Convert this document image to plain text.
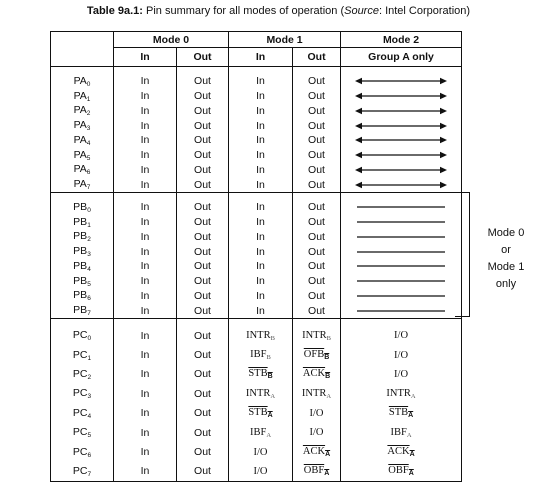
Table 9a.1: Pin summary for all modes of operation (Source: Intel Corporation)
	Mode 0		Mode 1		Mode 2
	In	Out	In	Out	Group A only

$PA_0$	In	Out	In	Out	

$PA_1$	In	Out	In	Out	

$PA_2$	In	Out	In	Out	

$PA_3$	In	Out	In	Out	

$PA_4$	In	Out	In	Out	

$PA_5$	In	Out	In	Out	

$PA_6$	In	Out	In	Out	

$PA_7$	In	Out	In	Out	

$PB_0$	In	Out	In	Out	

$PB_1$	In	Out	In	Out	

$PB_2$	In	Out	In	Out	

$PB_3$	In	Out	In	Out	

$PB_4$	In	Out	In	Out	

$PB_5$	In	Out	In	Out	

$PB_6$	In	Out	In	Out	

$PB_7$	In	Out	In	Out	

$PC_0$	In	Out	$INTR_B$	$INTR_B$	I/O
$PC_1$	In	Out	$IBF_B$	$\overline{OFB}_{\overline{B}}$	I/O
$PC_2$	In	Out	$\overline{STB}_{\overline{B}}$	$\overline{ACK}_{\overline{B}}$	I/O
$PC_3$	In	Out	$INTR_A$	$INTR_A$	$INTR_A$
$PC_4$	In	Out	$\overline{STB}_{\overline{A}}$	I/O	$\overline{STB}_{\overline{A}}$
$PC_5$	In	Out	$IBF_A$	I/O	$IBF_A$
$PC_6$	In	Out	I/O	$\overline{ACK}_{\overline{A}}$	$\overline{ACK}_{\overline{A}}$
$PC_7$	In	Out	I/O	$\overline{OBF}_{\overline{A}}$	$\overline{OBF}_{\overline{A}}$
Mode 0
or
Mode 1
only
